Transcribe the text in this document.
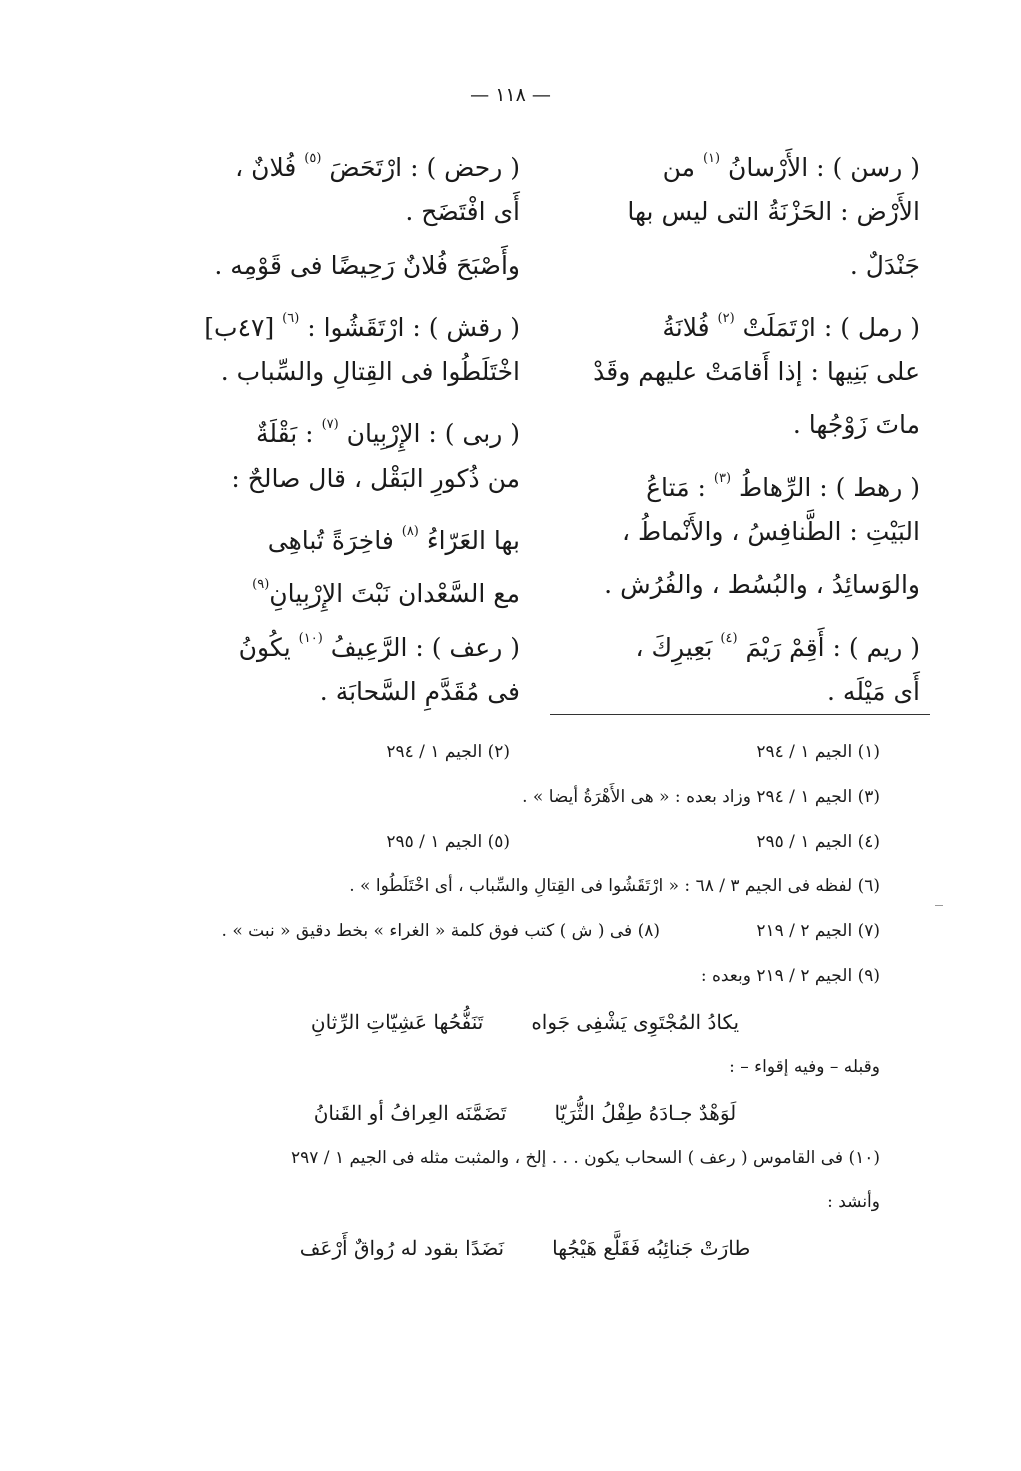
— ١١٨ —
( رسن ) : الأَرْسانُ $^{(١)}$ من
الأَرْض : الحَزْنَةُ التى ليس بها
جَنْدَلٌ .
( رمل ) : ارْتَمَلَتْ $^{(٢)}$ فُلانَةُ
على بَنِيها : إذا أَقامَتْ عليهم وقَدْ
ماتَ زَوْجُها .
( رهط ) : الرِّهاطُ $^{(٣)}$ : مَتاعُ
البَيْتِ : الطَّنافِسُ ، والأَنْماطُ ،
والوَسائِدُ ، والبُسُط ، والفُرُش .
( ريم ) : أَقِمْ رَيْمَ $^{(٤)}$ بَعِيرِكَ ،
أَى مَيْلَه .
( رحض ) : ارْتَحَضَ $^{(٥)}$ فُلانٌ ،
أَى افْتَضَح .
وأَصْبَحَ فُلانٌ رَحِيضًا فى قَوْمِه .
( رقش ) : ارْتَقَشُوا : $^{(٦)}$ [٤٧ب]
اخْتَلَطُوا فى القِتالِ والسِّباب .
( ربى ) : الإِرْبِيان $^{(٧)}$ : بَقْلَةٌ
من ذُكورِ البَقْل ، قال صالحٌ :
بها العَرّاءُ $^{(٨)}$ فاخِرَةً تُباهِى
مع السَّعْدان نَبْتَ الإِرْبِيانِ$^{(٩)}$
( رعف ) : الرَّعِيفُ $^{(١٠)}$ يكُونُ
فى مُقَدَّمِ السَّحابَة .
(١) الجيم ١ / ٢٩٤
(٢) الجيم ١ / ٢٩٤
(٣) الجيم ١ / ٢٩٤ وزاد بعده : « هى الأَهْرَةُ أيضا » .
(٤) الجيم ١ / ٢٩٥
(٥) الجيم ١ / ٢٩٥
(٦) لفظه فى الجيم ٣ / ٦٨ : « ارْتَقَشُوا فى القِتالِ والسِّباب ، أى اخْتَلَطُوا » .
(٧) الجيم ٢ / ٢١٩
(٨) فى ( ش ) كتب فوق كلمة « الغراء » بخط دقيق « نبت » .
(٩) الجيم ٢ / ٢١٩ وبعده :
يكادُ المُجْتَوِى يَشْفِى جَواهتَنَفُّحُها عَشِيّاتِ الرِّثانِ
وقبله – وفيه إقواء – :
لَوَهْدٌ جـادَهُ طِفْلُ الثُّرَيّاتَضَمَّنَه العِرافُ أو القَنانُ
(١٠) فى القاموس ( رعف ) السحاب يكون . . . إلخ ، والمثبت مثله فى الجيم ١ / ٢٩٧
وأنشد :
طارَتْ جَنائِبُه فَقَلَّع هَيْجُهانَضَدًا بقود له رُواقٌ أَرْعَف
